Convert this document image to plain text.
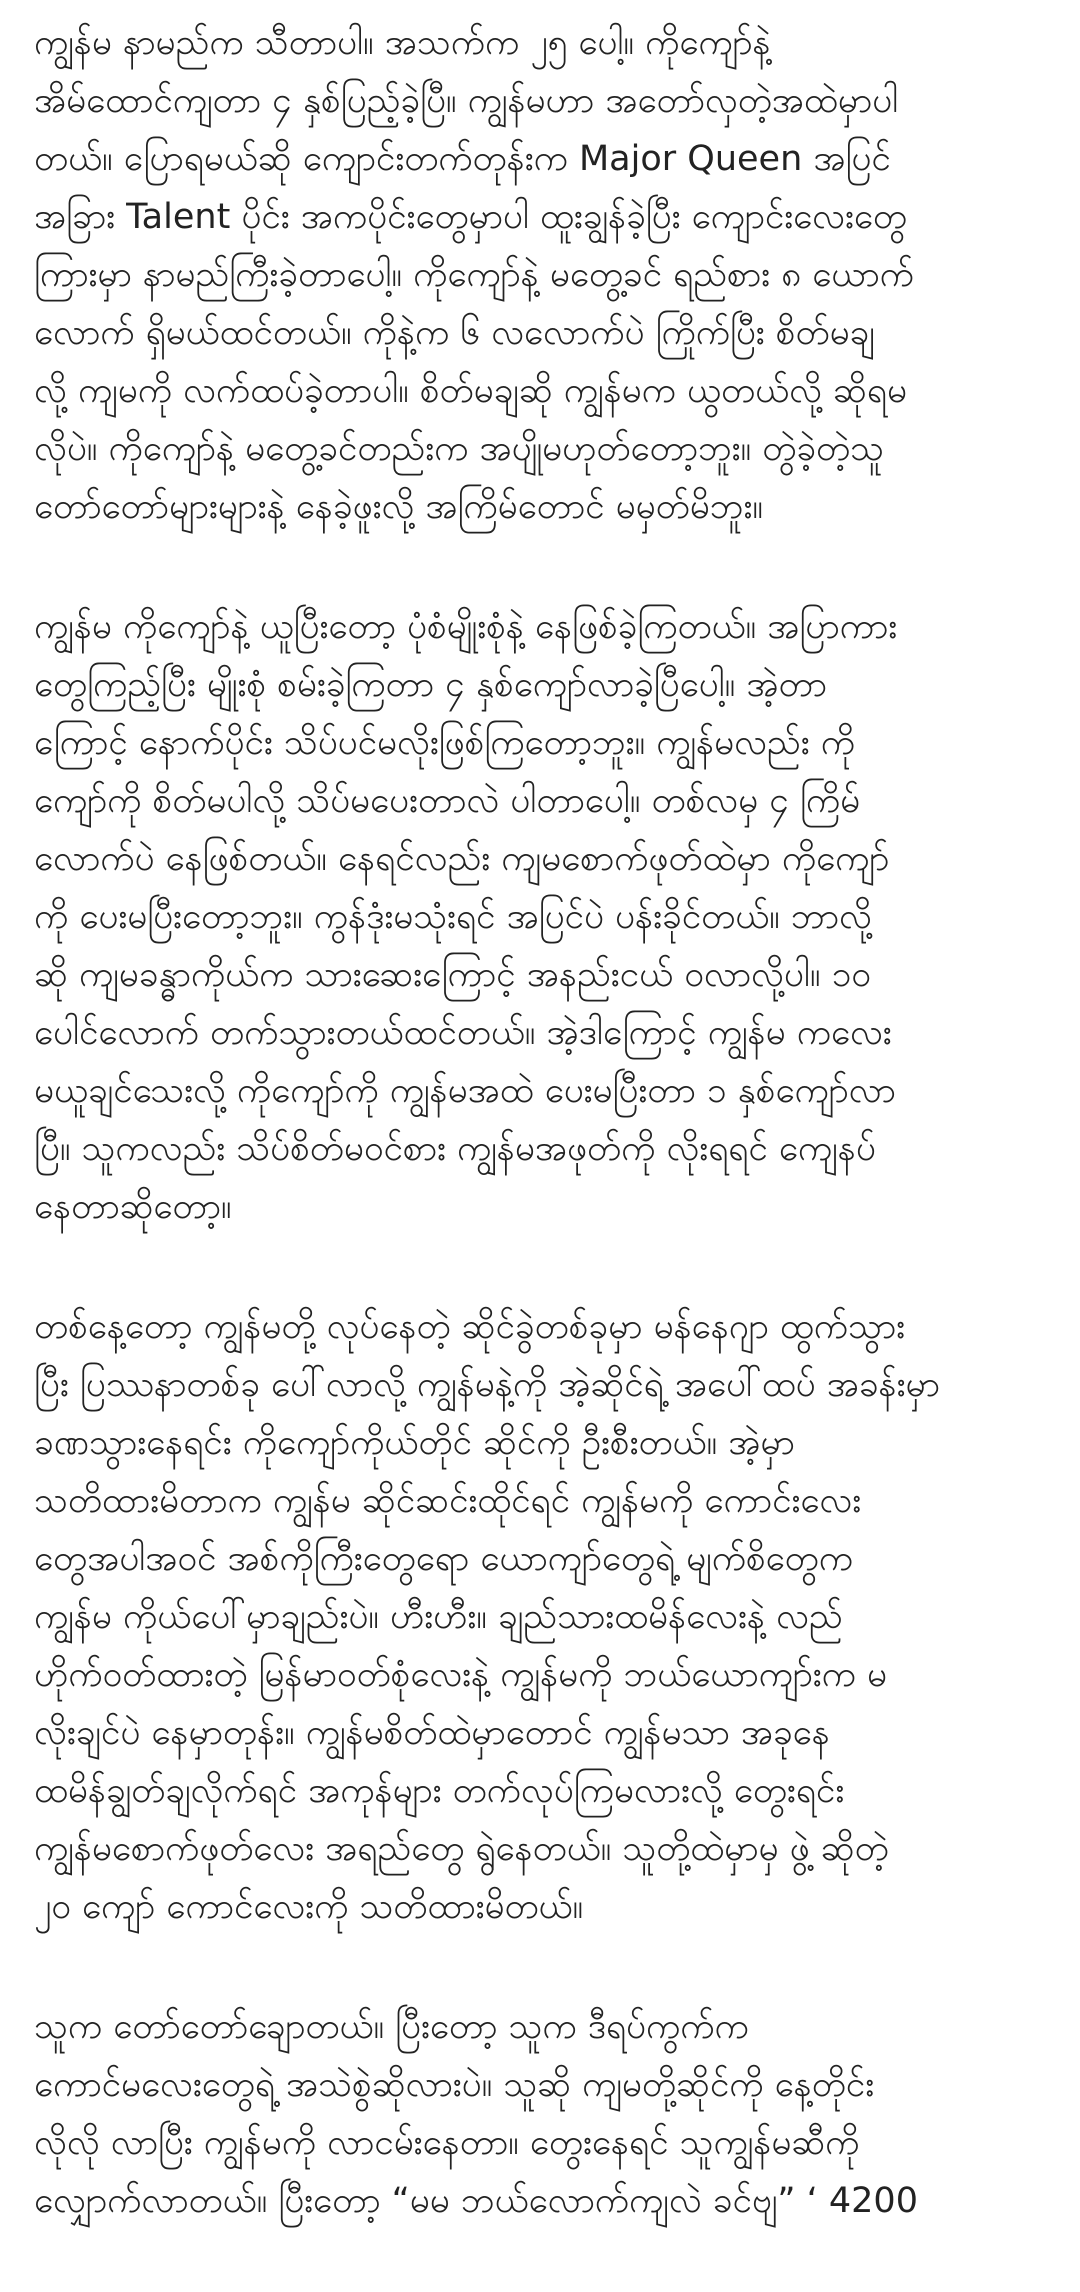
ကျွန်မ နာမည်က သီတာပါ။ အသက်က ၂၅ ပေါ့။ ကိုကျော်နဲ့
အိမ်ထောင်ကျတာ ၄ နှစ်ပြည့်ခဲ့ပြီ။ ကျွန်မဟာ အတော်လှတဲ့အထဲမှာပါ
တယ်။ ပြောရမယ်ဆို ကျောင်းတက်တုန်းက Major Queen အပြင်
အခြား Talent ပိုင်း အကပိုင်းတွေမှာပါ ထူးချွန်ခဲ့ပြီး ကျောင်းလေးတွေ
ကြားမှာ နာမည်ကြီးခဲ့တာပေါ့။ ကိုကျော်နဲ့ မတွေ့ခင် ရည်စား ၈ ယောက်
လောက် ရှိမယ်ထင်တယ်။ ကိုနဲ့က ၆ လလောက်ပဲ ကြိုက်ပြီး စိတ်မချ
လို့ ကျမကို လက်ထပ်ခဲ့တာပါ။ စိတ်မချဆို ကျွန်မက ယွတယ်လို့ ဆိုရမ
လိုပဲ။ ကိုကျော်နဲ့ မတွေ့ခင်တည်းက အပျိုမဟုတ်တော့ဘူး။ တွဲခဲ့တဲ့သူ
တော်တော်များများနဲ့ နေခဲ့ဖူးလို့ အကြိမ်တောင် မမှတ်မိဘူး။

ကျွန်မ ကိုကျော်နဲ့ ယူပြီးတော့ ပုံစံမျိုးစုံနဲ့ နေဖြစ်ခဲ့ကြတယ်။ အပြာကား
တွေကြည့်ပြီး မျိုးစုံ စမ်းခဲ့ကြတာ ၄ နှစ်ကျော်လာခဲ့ပြီပေါ့။ အဲ့တာ
ကြောင့် နောက်ပိုင်း သိပ်ပင်မလိုးဖြစ်ကြတော့ဘူး။ ကျွန်မလည်း ကို
ကျော်ကို စိတ်မပါလို့ သိပ်မပေးတာလဲ ပါတာပေါ့။ တစ်လမှ ၄ ကြိမ်
လောက်ပဲ နေဖြစ်တယ်။ နေရင်လည်း ကျမစောက်ဖုတ်ထဲမှာ ကိုကျော်
ကို ပေးမပြီးတော့ဘူး။ ကွန်ဒုံးမသုံးရင် အပြင်ပဲ ပန်းခိုင်တယ်။ ဘာလို့
ဆို ကျမခန္ဓာကိုယ်က သားဆေးကြောင့် အနည်းငယ် ဝလာလို့ပါ။ ၁၀
ပေါင်လောက် တက်သွားတယ်ထင်တယ်။ အဲ့ဒါကြောင့် ကျွန်မ ကလေး
မယူချင်သေးလို့ ကိုကျော်ကို ကျွန်မအထဲ ပေးမပြီးတာ ၁ နှစ်ကျော်လာ
ပြီ။ သူကလည်း သိပ်စိတ်မဝင်စား ကျွန်မအဖုတ်ကို လိုးရရင် ကျေနပ်
နေတာဆိုတော့။

တစ်နေ့တော့ ကျွန်မတို့ လုပ်နေတဲ့ ဆိုင်ခွဲတစ်ခုမှာ မန်နေဂျာ ထွက်သွား
ပြီး ပြဿနာတစ်ခု ပေါ်လာလို့ ကျွန်မနဲ့ကို အဲ့ဆိုင်ရဲ့ အပေါ်ထပ် အခန်းမှာ
ခဏသွားနေရင်း ကိုကျော်ကိုယ်တိုင် ဆိုင်ကို ဦးစီးတယ်။ အဲ့မှာ
သတိထားမိတာက ကျွန်မ ဆိုင်ဆင်းထိုင်ရင် ကျွန်မကို ကောင်းလေး
တွေအပါအဝင် အစ်ကိုကြီးတွေရော ယောကျာ်တွေရဲ့ မျက်စိတွေက
ကျွန်မ ကိုယ်ပေါ်မှာချည်းပဲ။ ဟီးဟီး။ ချည်သားထမိန်လေးနဲ့ လည်
ဟိုက်ဝတ်ထားတဲ့ မြန်မာဝတ်စုံလေးနဲ့ ကျွန်မကို ဘယ်ယောကျာ်းက မ
လိုးချင်ပဲ နေမှာတုန်း။ ကျွန်မစိတ်ထဲမှာတောင် ကျွန်မသာ အခုနေ
ထမိန်ချွတ်ချလိုက်ရင် အကုန်များ တက်လုပ်ကြမလားလို့ တွေးရင်း
ကျွန်မစောက်ဖုတ်လေး အရည်တွေ ရွဲနေတယ်။ သူတို့ထဲမှာမှ ဖွဲ့ ဆိုတဲ့
၂၀ ကျော် ကောင်လေးကို သတိထားမိတယ်။

သူက တော်တော်ချောတယ်။ ပြီးတော့ သူက ဒီရပ်ကွက်က
ကောင်မလေးတွေရဲ့ အသဲစွဲဆိုလားပဲ။ သူဆို ကျမတို့ဆိုင်ကို နေ့တိုင်း
လိုလို လာပြီး ကျွန်မကို လာငမ်းနေတာ။ တွေးနေရင် သူကျွန်မဆီကို
လျှောက်လာတယ်။ ပြီးတော့ “မမ ဘယ်လောက်ကျလဲ ခင်ဗျ” ‘ 4200
